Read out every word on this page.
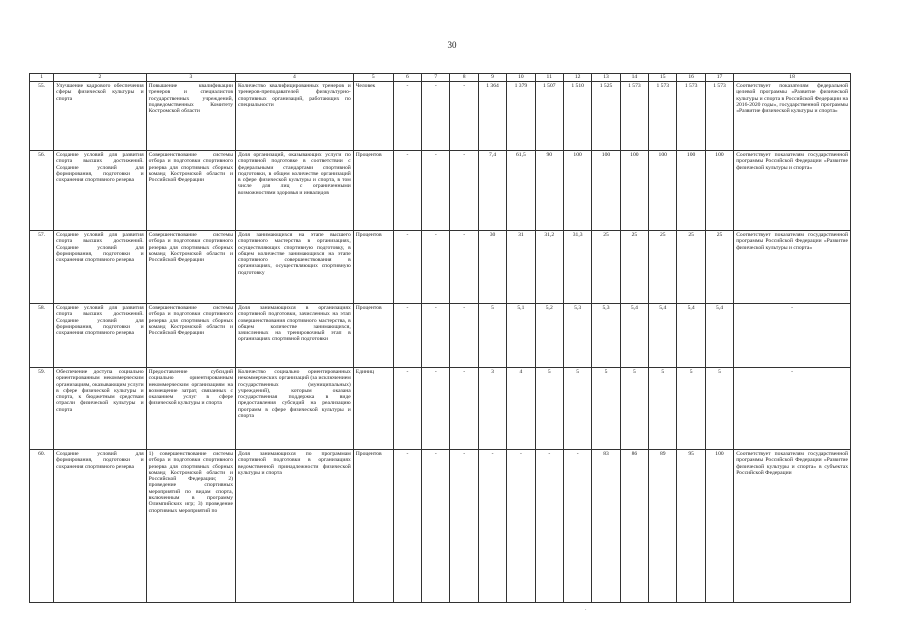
30
1	2	3	4	5	6	7	8	9	10	11	12	13	14	15	16	17	18
55.	Улучшение кадрового обеспечения сферы физической культуры и спорта	Повышение квалификации тренеров и специалистов государственных учреждений, подведомственных Комитету Костромской области	Количество квалифицированных тренеров и тренеров-преподавателей физкультурно-спортивных организаций, работающих по специальности	Человек	-	-	-	1 364	1 379	1 507	1 510	1 525	1 573	1 573	1 573	1 573	Соответствует показателям федеральной целевой программы «Развитие физической культуры и спорта в Российской Федерации на 2016-2020 годы», государственной программы «Развитие физической культуры и спорта»
56.	Создание условий для развития спорта высших достижений. Создание условий для формирования, подготовки и сохранения спортивного резерва	Совершенствование системы отбора и подготовки спортивного резерва для спортивных сборных команд Костромской области и Российской Федерации	Доля организаций, оказывающих услуги по спортивной подготовке в соответствии с федеральными стандартами спортивной подготовки, в общем количестве организаций в сфере физической культуры и спорта, в том числе для лиц с ограниченными возможностями здоровья и инвалидов	Процентов	-	-	-	7,4	61,5	90	100	100	100	100	100	100	Соответствует показателям государственной программы Российской Федерации «Развитие физической культуры и спорта»
57.	Создание условий для развития спорта высших достижений. Создание условий для формирования, подготовки и сохранения спортивного резерва	Совершенствование системы отбора и подготовки спортивного резерва для спортивных сборных команд Костромской области и Российской Федерации	Доля занимающихся на этапе высшего спортивного мастерства в организациях, осуществляющих спортивную подготовку, в общем количестве занимающихся на этапе спортивного совершенствования в организациях, осуществляющих спортивную подготовку	Процентов	-	-	-	30	31	31,2	31,3	25	25	25	25	25	Соответствует показателям государственной программы Российской Федерации «Развитие физической культуры и спорта»
58.	Создание условий для развития спорта высших достижений. Создание условий для формирования, подготовки и сохранения спортивного резерва	Совершенствование системы отбора и подготовки спортивного резерва для спортивных сборных команд Костромской области и Российской Федерации	Доля занимающихся в организациях спортивной подготовки, зачисленных на этап совершенствования спортивного мастерства, в общем количестве занимающихся, зачисленных на тренировочный этап в организациях спортивной подготовки	Процентов	-	-	-	5	5,1	5,2	5,3	5,3	5,4	5,4	5,4	5,4	-
59.	Обеспечение доступа социально ориентированным некоммерческим организациям, оказывающим услуги в сфере физической культуры и спорта, к бюджетным средствам отрасли физической культуры и спорта	Предоставление субсидий социально ориентированным некоммерческим организациям на возмещение затрат, связанных с оказанием услуг в сфере физической культуры и спорта	Количество социально ориентированных некоммерческих организаций (за исключением государственных (муниципальных) учреждений), которым оказана государственная поддержка в виде предоставления субсидий на реализацию программ в сфере физической культуры и спорта	Единиц	-	-	-	3	4	5	5	5	5	5	5	5	-
60.	Создание условий для формирования, подготовки и сохранения спортивного резерва	1) совершенствование системы отбора и подготовки спортивного резерва для спортивных сборных команд Костромской области и Российской Федерации; 2) проведение спортивных мероприятий по видам спорта, включенным в программу Олимпийских игр; 3) проведение спортивных мероприятий по	Доля занимающихся по программам спортивной подготовки в организациях ведомственной принадлежности физической культуры и спорта	Процентов	-	-	-	-	-	-	-	83	86	89	95	100	Соответствует показателям государственной программы Российской Федерации «Развитие физической культуры и спорта» в субъектах Российской Федерации
.
